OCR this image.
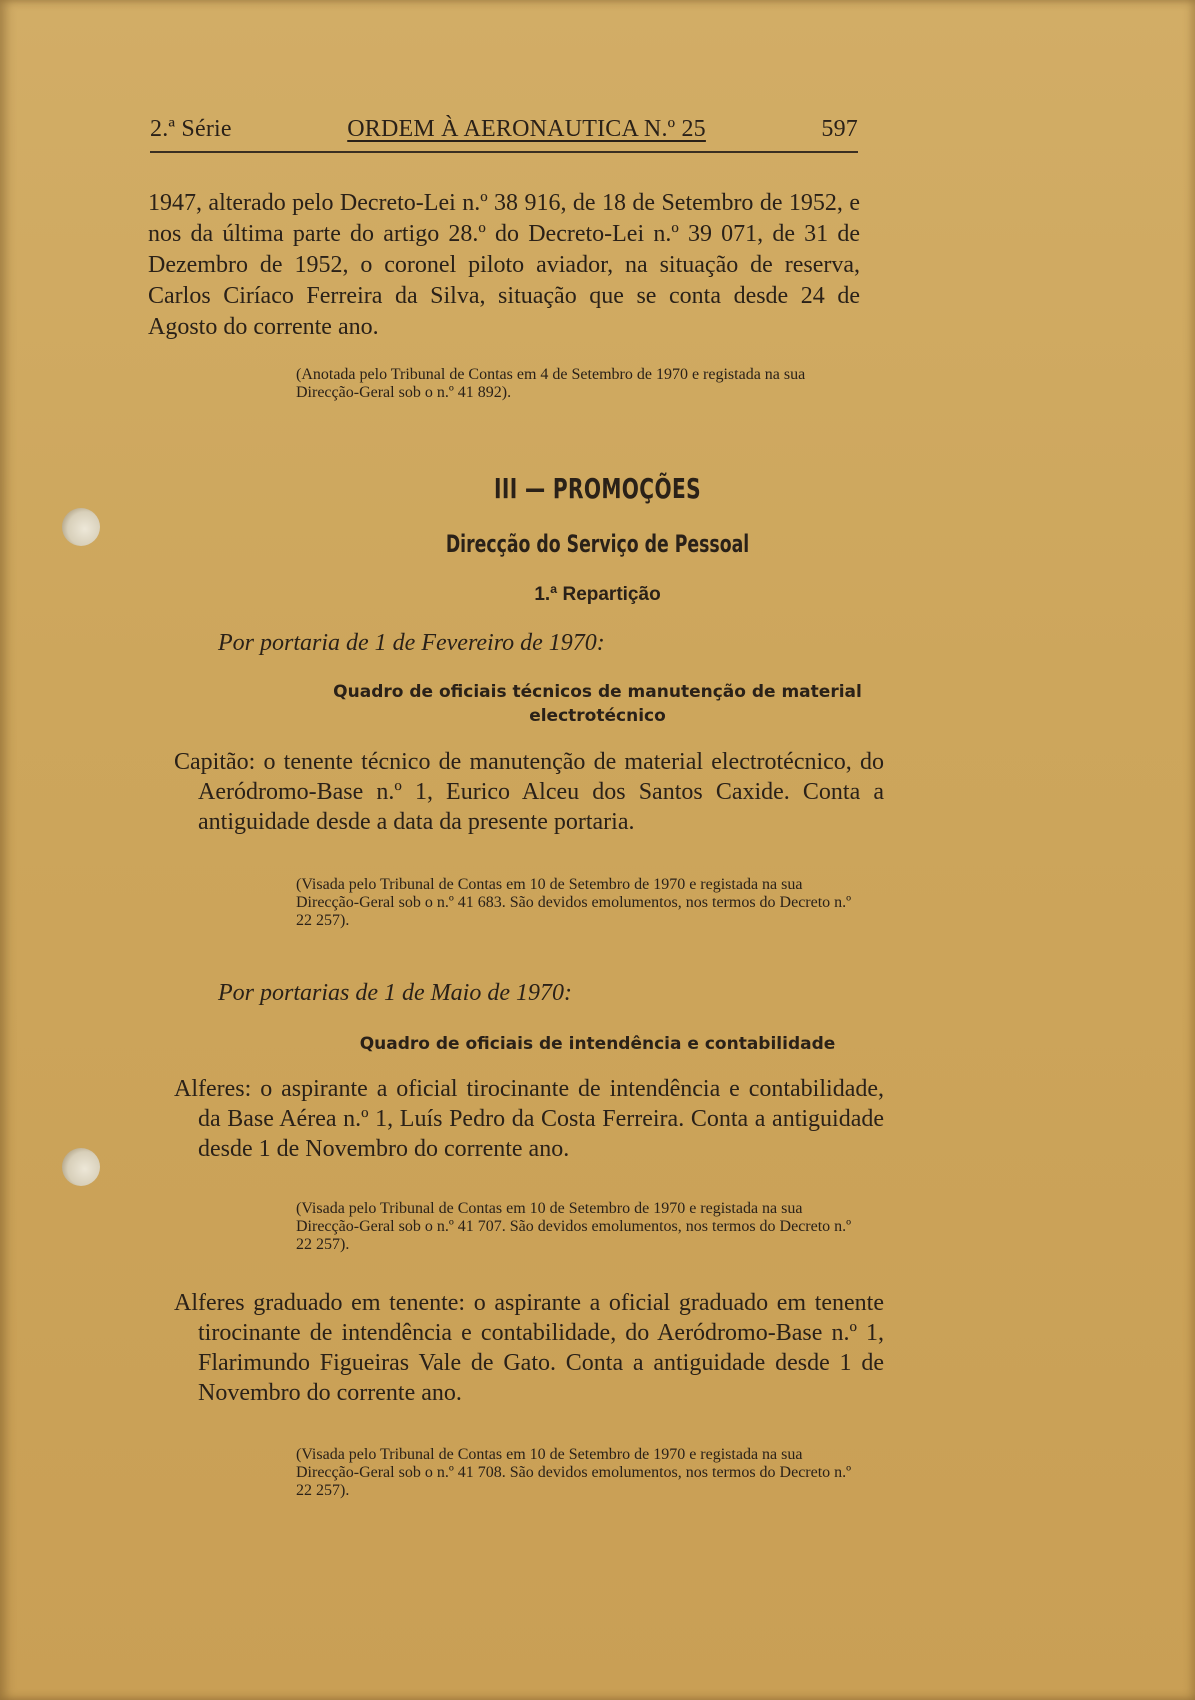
2.ª Série	ORDEM À AERONAUTICA N.º 25	597
1947, alterado pelo Decreto-Lei n.º 38 916, de 18 de Setembro de 1952, e nos da última parte do artigo 28.º do Decreto-Lei n.º 39 071, de 31 de Dezembro de 1952, o coronel piloto aviador, na situação de reserva, Carlos Ciríaco Ferreira da Silva, situação que se conta desde 24 de Agosto do corrente ano.
(Anotada pelo Tribunal de Contas em 4 de Setembro de 1970 e registada na sua Direcção-Geral sob o n.º 41 892).
III — PROMOÇÕES
Direcção do Serviço de Pessoal
1.ª Repartição
Por portaria de 1 de Fevereiro de 1970:
Quadro de oficiais técnicos de manutenção de material electrotécnico
Capitão: o tenente técnico de manutenção de material electrotécnico, do Aeródromo-Base n.º 1, Eurico Alceu dos Santos Caxide. Conta a antiguidade desde a data da presente portaria.
(Visada pelo Tribunal de Contas em 10 de Setembro de 1970 e registada na sua Direcção-Geral sob o n.º 41 683. São devidos emolumentos, nos termos do Decreto n.º 22 257).
Por portarias de 1 de Maio de 1970:
Quadro de oficiais de intendência e contabilidade
Alferes: o aspirante a oficial tirocinante de intendência e contabilidade, da Base Aérea n.º 1, Luís Pedro da Costa Ferreira. Conta a antiguidade desde 1 de Novembro do corrente ano.
(Visada pelo Tribunal de Contas em 10 de Setembro de 1970 e registada na sua Direcção-Geral sob o n.º 41 707. São devidos emolumentos, nos termos do Decreto n.º 22 257).
Alferes graduado em tenente: o aspirante a oficial graduado em tenente tirocinante de intendência e contabilidade, do Aeródromo-Base n.º 1, Flarimundo Figueiras Vale de Gato. Conta a antiguidade desde 1 de Novembro do corrente ano.
(Visada pelo Tribunal de Contas em 10 de Setembro de 1970 e registada na sua Direcção-Geral sob o n.º 41 708. São devidos emolumentos, nos termos do Decreto n.º 22 257).
